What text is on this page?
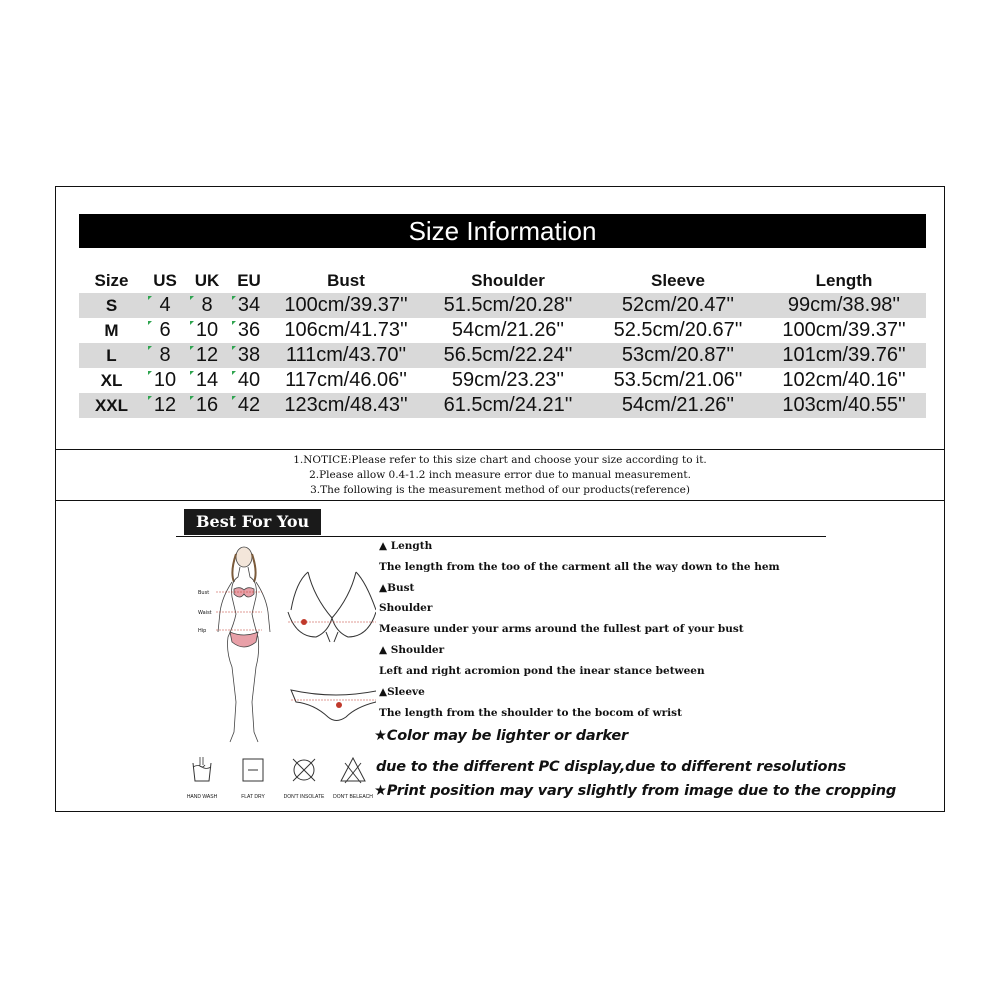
Size Information
Size	US	UK	EU	Bust	Shoulder	Sleeve	Length
S	4	8	34	100cm/39.37''	51.5cm/20.28''	52cm/20.47''	99cm/38.98''
M	6	10	36	106cm/41.73''	54cm/21.26''	52.5cm/20.67''	100cm/39.37''
L	8	12	38	111cm/43.70''	56.5cm/22.24''	53cm/20.87''	101cm/39.76''
XL	10	14	40	117cm/46.06''	59cm/23.23''	53.5cm/21.06''	102cm/40.16''
XXL	12	16	42	123cm/48.43''	61.5cm/24.21''	54cm/21.26''	103cm/40.55''
1.NOTICE:Please refer to this size chart and choose your size according to it.
2.Please allow 0.4-1.2 inch measure error due to manual measurement.
3.The following is the measurement method of our products(reference)
Best For You
Bust
Waist
Hip
▲ Length
The length from the too of the carment all the way down to the hem
▲Bust
Shoulder
Measure under your arms around the fullest part of your bust
▲ Shoulder
Left and right acromion pond the inear stance between
▲Sleeve
The length from the shoulder to the bocom of wrist
★Color may be lighter or darker
due to the different PC display,due to different resolutions
★Print position may vary slightly from image due to the cropping
HAND WASH	FLAT DRY	DON'T INSOLATE	DON'T BELEACH
